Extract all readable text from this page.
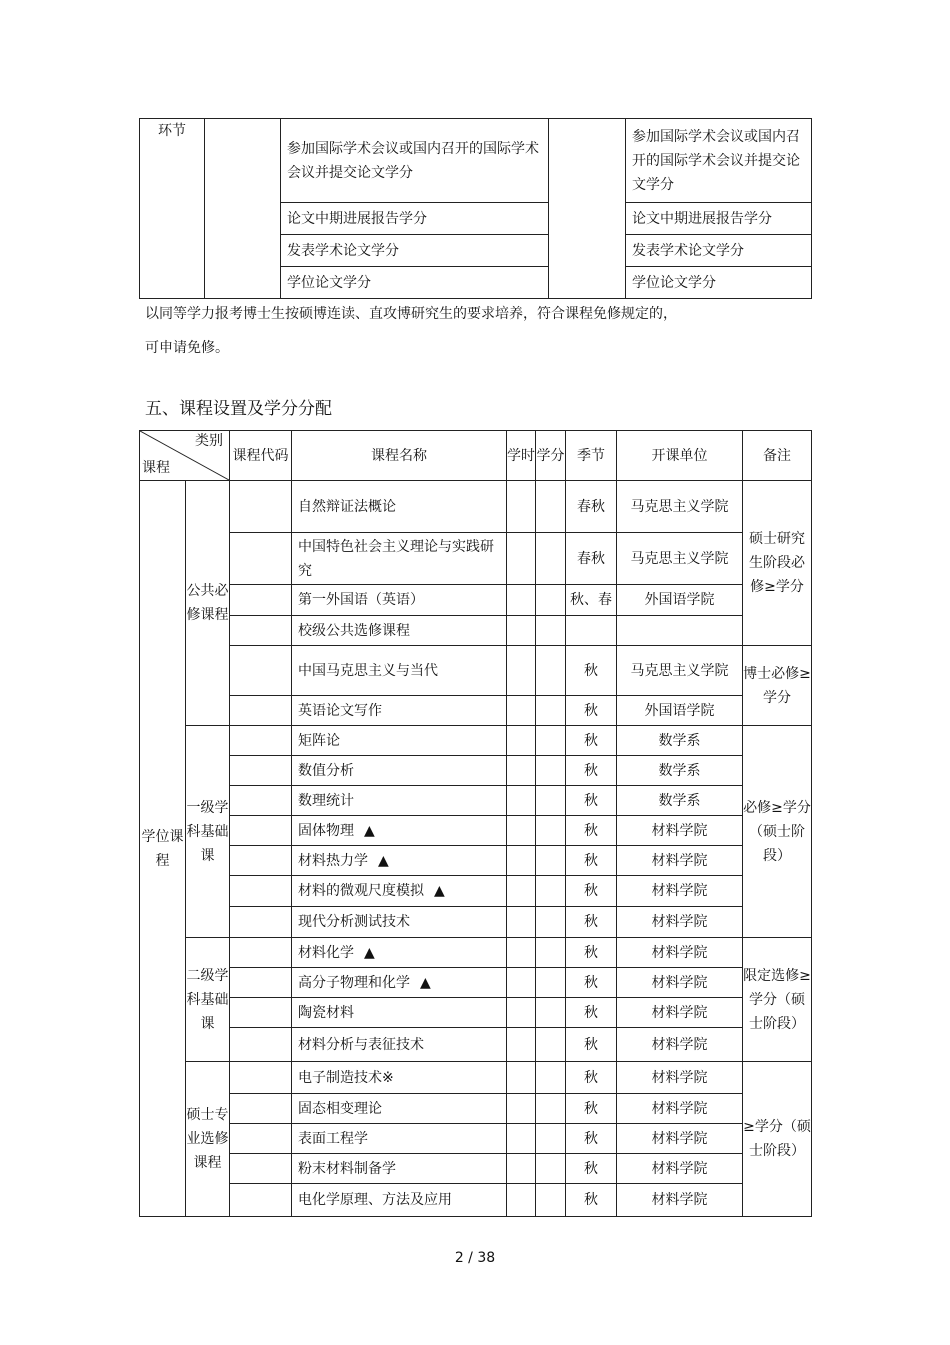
环节		参加国际学术会议或国内召开的国际学术会议并提交论文学分		参加国际学术会议或国内召开的国际学术会议并提交论文学分
		论文中期进展报告学分		论文中期进展报告学分
		发表学术论文学分		发表学术论文学分
		学位论文学分		学位论文学分
以同等学力报考博士生按硕博连读、直攻博研究生的要求培养，符合课程免修规定的，
可申请免修。
五、课程设置及学分分配
类别
课程		课程代码	课程名称	学时	学分	季节	开课单位	备注
学位课程	公共必修课程		自然辩证法概论			春秋	马克思主义学院	硕士研究生阶段必修≥学分
			中国特色社会主义理论与实践研究			春秋	马克思主义学院	
			第一外国语（英语）			秋、春	外国语学院	
			校级公共选修课程					
			中国马克思主义与当代			秋	马克思主义学院	博士必修≥学分
			英语论文写作			秋	外国语学院	
	一级学科基础课		矩阵论			秋	数学系	必修≥学分（硕士阶段）
			数值分析			秋	数学系	
			数理统计			秋	数学系	
			固体物理 ▲			秋	材料学院	
			材料热力学 ▲			秋	材料学院	
			材料的微观尺度模拟 ▲			秋	材料学院	
			现代分析测试技术			秋	材料学院	
	二级学科基础课		材料化学 ▲			秋	材料学院	限定选修≥学分（硕士阶段）
			高分子物理和化学 ▲			秋	材料学院	
			陶瓷材料			秋	材料学院	
			材料分析与表征技术			秋	材料学院	
	硕士专业选修课程		电子制造技术※			秋	材料学院	≥学分（硕士阶段）
			固态相变理论			秋	材料学院	
			表面工程学			秋	材料学院	
			粉末材料制备学			秋	材料学院	
			电化学原理、方法及应用			秋	材料学院	
2 / 38
